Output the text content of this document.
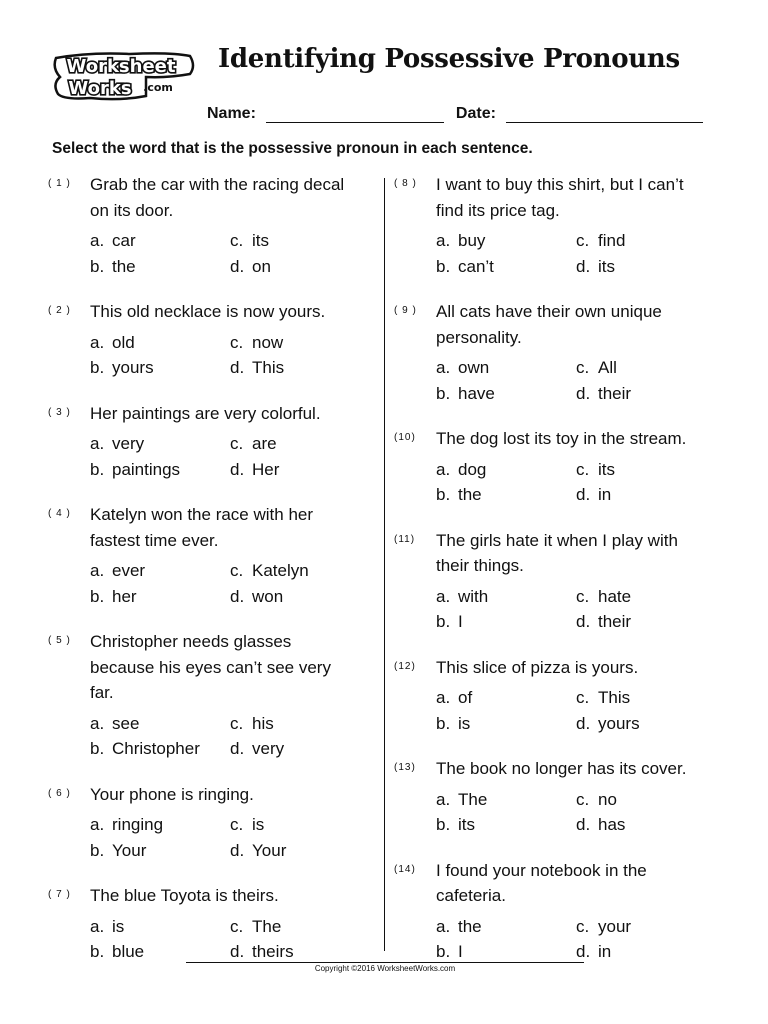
Worksheet
Works .com
Identifying Possessive Pronouns
Name:	Date:
Select the word that is the possessive pronoun in each sentence.
( 1 )	Grab the car with the racing decal
on its door.
a. car	c. its
b. the	d. on
( 2 )	This old necklace is now yours.
a. old	c. now
b. yours	d. This
( 3 )	Her paintings are very colorful.
a. very	c. are
b. paintings	d. Her
( 4 )	Katelyn won the race with her
fastest time ever.
a. ever	c. Katelyn
b. her	d. won
( 5 )	Christopher needs glasses
because his eyes can’t see very
far.
a. see	c. his
b. Christopher	d. very
( 6 )	Your phone is ringing.
a. ringing	c. is
b. Your	d. Your
( 7 )	The blue Toyota is theirs.
a. is	c. The
b. blue	d. theirs
( 8 )	I want to buy this shirt, but I can’t
find its price tag.
a. buy	c. find
b. can’t	d. its
( 9 )	All cats have their own unique
personality.
a. own	c. All
b. have	d. their
(10)	The dog lost its toy in the stream.
a. dog	c. its
b. the	d. in
(11)	The girls hate it when I play with
their things.
a. with	c. hate
b. I	d. their
(12)	This slice of pizza is yours.
a. of	c. This
b. is	d. yours
(13)	The book no longer has its cover.
a. The	c. no
b. its	d. has
(14)	I found your notebook in the
cafeteria.
a. the	c. your
b. I	d. in
Copyright ©2016 WorksheetWorks.com
